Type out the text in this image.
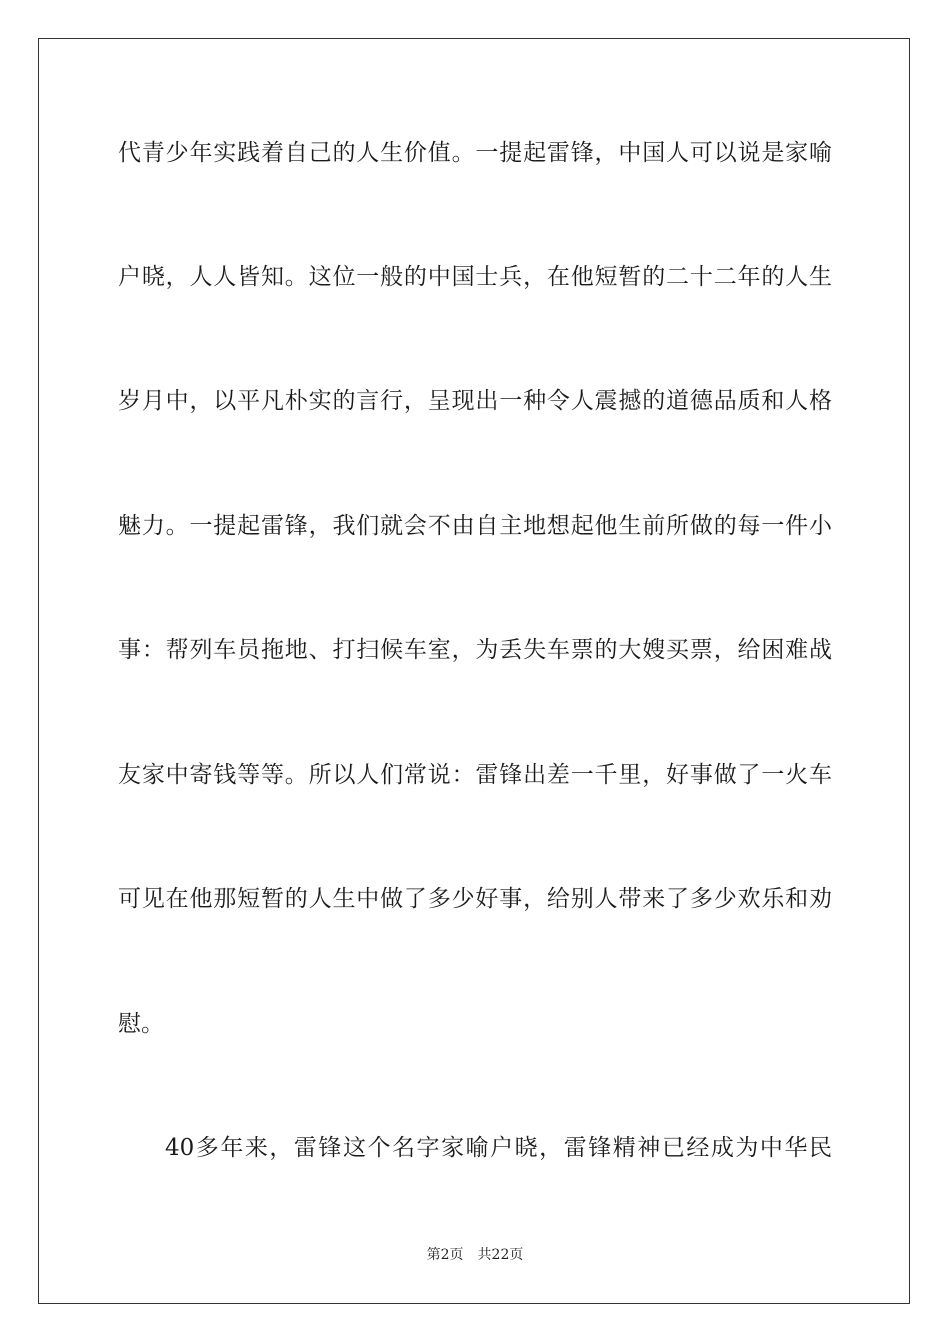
代青少年实践着自己的人生价值。一提起雷锋，中国人可以说是家喻
户晓，人人皆知。这位一般的中国士兵，在他短暂的二十二年的人生
岁月中，以平凡朴实的言行，呈现出一种令人震撼的道德品质和人格
魅力。一提起雷锋，我们就会不由自主地想起他生前所做的每一件小
事：帮列车员拖地、打扫候车室，为丢失车票的大嫂买票，给困难战
友家中寄钱等等。所以人们常说：雷锋出差一千里，好事做了一火车
可见在他那短暂的人生中做了多少好事，给别人带来了多少欢乐和劝
慰。
40多年来，雷锋这个名字家喻户晓，雷锋精神已经成为中华民
第2页 共22页
